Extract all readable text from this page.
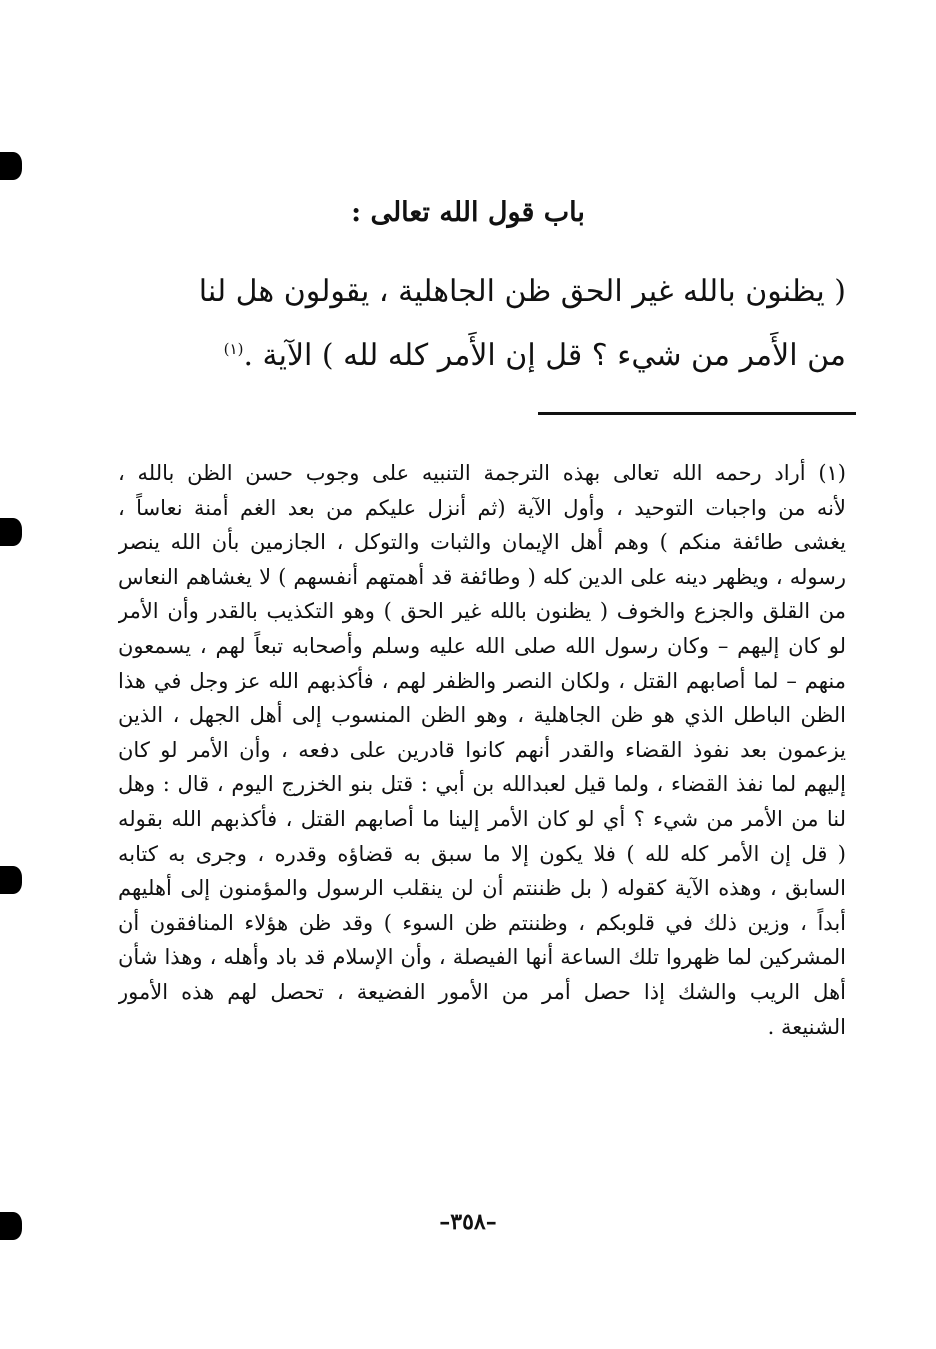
باب قول الله تعالى :
( يظنون بالله غير الحق ظن الجاهلية ، يقولون هل لنا
من الأَمر من شيء ؟ قل إن الأَمر كله لله ) الآية .$^{(١)}$
(١) أراد رحمه الله تعالى بهذه الترجمة التنبيه على وجوب حسن الظن بالله ،
لأنه من واجبات التوحيد ، وأول الآية (ثم أنزل عليكم من بعد الغم أمنة نعاساً ،
يغشى طائفة منكم ) وهم أهل الإيمان والثبات والتوكل ، الجازمين بأن الله ينصر
رسوله ، ويظهر دينه على الدين كله ( وطائفة قد أهمتهم أنفسهم ) لا يغشاهم النعاس
من القلق والجزع والخوف ( يظنون بالله غير الحق ) وهو التكذيب بالقدر وأن الأمر
لو كان إليهم – وكان رسول الله صلى الله عليه وسلم وأصحابه تبعاً لهم ، يسمعون
منهم – لما أصابهم القتل ، ولكان النصر والظفر لهم ، فأكذبهم الله عز وجل في هذا
الظن الباطل الذي هو ظن الجاهلية ، وهو الظن المنسوب إلى أهل الجهل ، الذين
يزعمون بعد نفوذ القضاء والقدر أنهم كانوا قادرين على دفعه ، وأن الأمر لو كان
إليهم لما نفذ القضاء ، ولما قيل لعبدالله بن أبي : قتل بنو الخزرج اليوم ، قال : وهل
لنا من الأمر من شيء ؟ أي لو كان الأمر إلينا ما أصابهم القتل ، فأكذبهم الله بقوله
( قل إن الأمر كله لله ) فلا يكون إلا ما سبق به قضاؤه وقدره ، وجرى به كتابه
السابق ، وهذه الآية كقوله ( بل ظننتم أن لن ينقلب الرسول والمؤمنون إلى أهليهم
أبداً ، وزين ذلك في قلوبكم ، وظننتم ظن السوء ) وقد ظن هؤلاء المنافقون أن
المشركين لما ظهروا تلك الساعة أنها الفيصلة ، وأن الإسلام قد باد وأهله ، وهذا شأن
أهل الريب والشك إذا حصل أمر من الأمور الفضيعة ، تحصل لهم هذه الأمور
الشنيعة .
–٣٥٨–
